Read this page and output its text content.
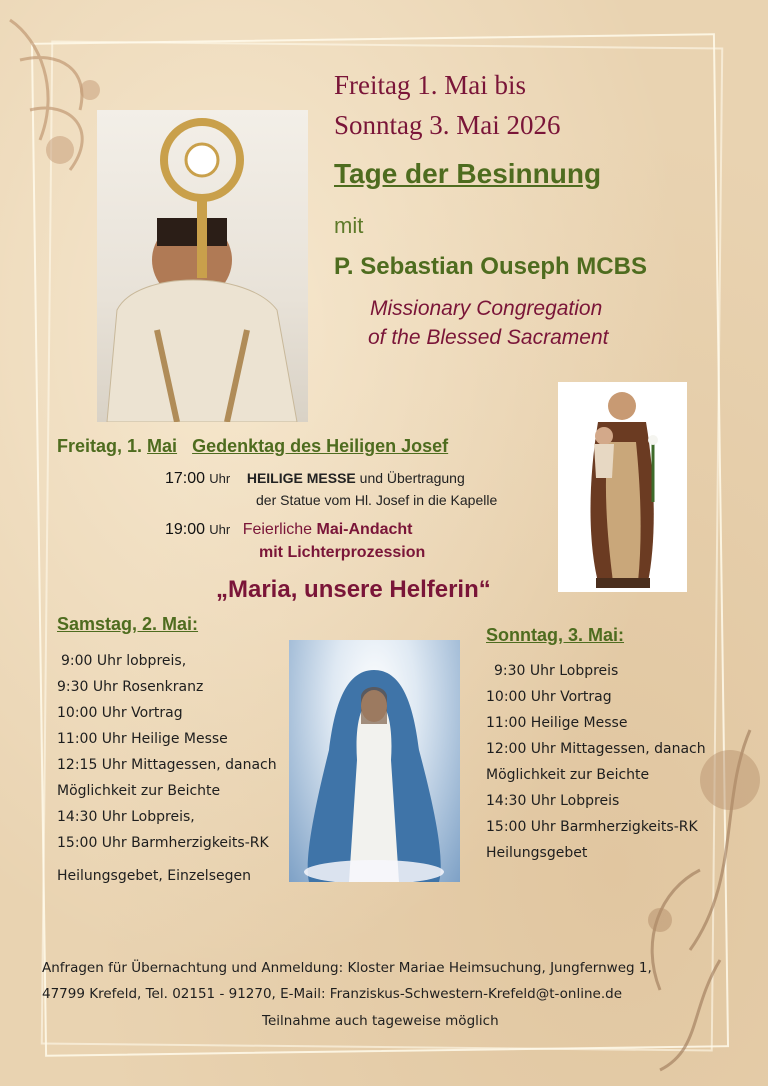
Freitag 1. Mai bis
Sonntag 3. Mai 2026
Tage der Besinnung
mit
P. Sebastian Ouseph MCBS
Missionary Congregation
of the Blessed Sacrament
Freitag, 1. Mai Gedenktag des Heiligen Josef
17:00 Uhr HEILIGE MESSE und Übertragung
der Statue vom Hl. Josef in die Kapelle
19:00 Uhr Feierliche Mai-Andacht
mit Lichterprozession
„Maria, unsere Helferin“
Samstag, 2. Mai:
9:00 Uhr lobpreis,
9:30 Uhr Rosenkranz
10:00 Uhr Vortrag
11:00 Uhr Heilige Messe
12:15 Uhr Mittagessen, danach
Möglichkeit zur Beichte
14:30 Uhr Lobpreis,
15:00 Uhr Barmherzigkeits-RK
Heilungsgebet, Einzelsegen
Sonntag, 3. Mai:
9:30 Uhr Lobpreis
10:00 Uhr Vortrag
11:00 Heilige Messe
12:00 Uhr Mittagessen, danach
Möglichkeit zur Beichte
14:30 Uhr Lobpreis
15:00 Uhr Barmherzigkeits-RK
Heilungsgebet
Anfragen für Übernachtung und Anmeldung: Kloster Mariae Heimsuchung, Jungfernweg 1,
47799 Krefeld, Tel. 02151 - 91270, E-Mail: Franziskus-Schwestern-Krefeld@t-online.de
Teilnahme auch tageweise möglich
